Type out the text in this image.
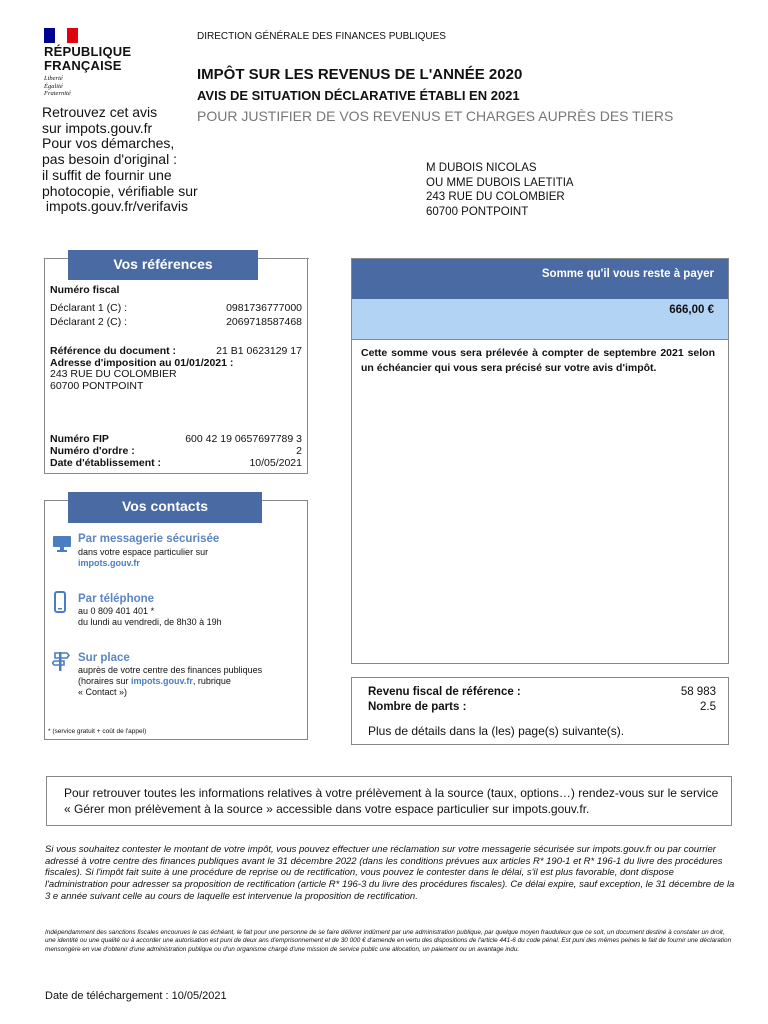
RÉPUBLIQUE
FRANÇAISE
Liberté
Égalité
Fraternité
DIRECTION GÉNÉRALE DES FINANCES PUBLIQUES
IMPÔT SUR LES REVENUS DE L'ANNÉE 2020
AVIS DE SITUATION DÉCLARATIVE ÉTABLI EN 2021
POUR JUSTIFIER DE VOS REVENUS ET CHARGES AUPRÈS DES TIERS
Retrouvez cet avis
sur impots.gouv.fr
Pour vos démarches,
pas besoin d'original :
il suffit de fournir une
photocopie, vérifiable sur
impots.gouv.fr/verifavis
M DUBOIS NICOLAS
OU MME DUBOIS LAETITIA
243 RUE DU COLOMBIER
60700 PONTPOINT
Vos références
Numéro fiscal
Déclarant 1 (C) :	0981736777000
Déclarant 2 (C) :	2069718587468
Référence du document :	21 B1 0623129 17
Adresse d'imposition au 01/01/2021 :
243 RUE DU COLOMBIER
60700 PONTPOINT
Numéro FIP	600 42 19 0657697789 3
Numéro d'ordre :	2
Date d'établissement :	10/05/2021
Vos contacts
Par messagerie sécurisée
dans votre espace particulier sur
impots.gouv.fr
Par téléphone
au 0 809 401 401 *
du lundi au vendredi, de 8h30 à 19h
Sur place
auprès de votre centre des finances publiques
(horaires sur impots.gouv.fr, rubrique
« Contact »)
* (service gratuit + coût de l'appel)
Somme qu'il vous reste à payer
666,00 €
Cette somme vous sera prélevée à compter de septembre 2021 selon un échéancier qui vous sera précisé sur votre avis d'impôt.
Revenu fiscal de référence :	58 983
Nombre de parts :	2.5
Plus de détails dans la (les) page(s) suivante(s).
Pour retrouver toutes les informations relatives à votre prélèvement à la source (taux, options…) rendez-vous sur le service « Gérer mon prélèvement à la source » accessible dans votre espace particulier sur impots.gouv.fr.
Si vous souhaitez contester le montant de votre impôt, vous pouvez effectuer une réclamation sur votre messagerie sécurisée sur impots.gouv.fr ou par courrier adressé à votre centre des finances publiques avant le 31 décembre 2022 (dans les conditions prévues aux articles R* 190-1 et R* 196-1 du livre des procédures fiscales). Si l'impôt fait suite à une procédure de reprise ou de rectification, vous pouvez le contester dans le délai, s'il est plus favorable, dont dispose l'administration pour adresser sa proposition de rectification (article R* 196-3 du livre des procédures fiscales). Ce délai expire, sauf exception, le 31 décembre de la 3 e année suivant celle au cours de laquelle est intervenue la proposition de rectification.
Indépendamment des sanctions fiscales encourues le cas échéant, le fait pour une personne de se faire délivrer indûment par une administration publique, par quelque moyen frauduleux que ce soit, un document destiné à constater un droit, une identité ou une qualité ou à accorder une autorisation est puni de deux ans d'emprisonnement et de 30 000 € d'amende en vertu des dispositions de l'article 441-6 du code pénal. Est puni des mêmes peines le fait de fournir une déclaration mensongère en vue d'obtenir d'une administration publique ou d'un organisme chargé d'une mission de service public une allocation, un paiement ou un avantage indu.
Date de téléchargement : 10/05/2021
